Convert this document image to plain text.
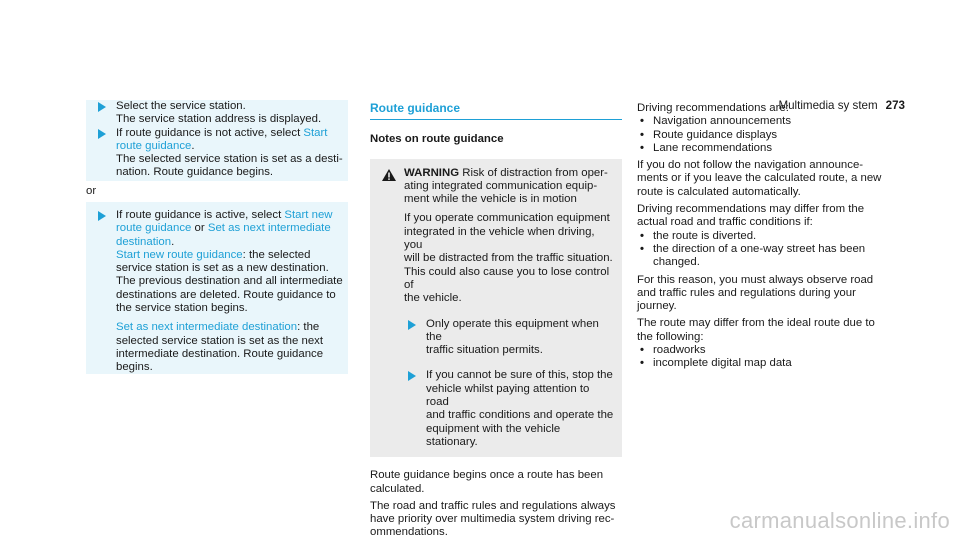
Multimedia sy stem 273
Select the service station.
The service station address is displayed.
If route guidance is not active, select Start
route guidance.
The selected service station is set as a desti-
nation. Route guidance begins.
or
If route guidance is active, select Start new
route guidance or Set as next intermediate
destination.
Start new route guidance: the selected
service station is set as a new destination.
The previous destination and all intermediate
destinations are deleted. Route guidance to
the service station begins.
Set as next intermediate destination: the
selected service station is set as the next
intermediate destination. Route guidance
begins.
Route guidance
Notes on route guidance
WARNING Risk of distraction from oper-
ating integrated communication equip-
ment while the vehicle is in motion
If you operate communication equipment
integrated in the vehicle when driving, you
will be distracted from the traffic situation.
This could also cause you to lose control of
the vehicle.
Only operate this equipment when the
traffic situation permits.
If you cannot be sure of this, stop the
vehicle whilst paying attention to road
and traffic conditions and operate the
equipment with the vehicle stationary.
Route guidance begins once a route has been
calculated.
The road and traffic rules and regulations always
have priority over multimedia system driving rec-
ommendations.
Driving recommendations are:
• Navigation announcements
• Route guidance displays
• Lane recommendations
If you do not follow the navigation announce-
ments or if you leave the calculated route, a new
route is calculated automatically.
Driving recommendations may differ from the
actual road and traffic conditions if:
• the route is diverted.
• the direction of a one-way street has been
changed.
For this reason, you must always observe road
and traffic rules and regulations during your
journey.
The route may differ from the ideal route due to
the following:
• roadworks
• incomplete digital map data
carmanualsonline.info
